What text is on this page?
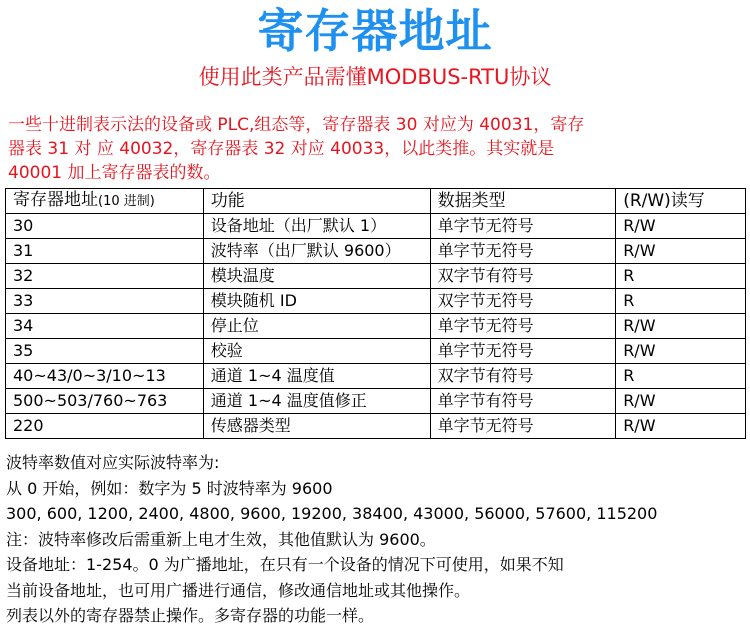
寄存器地址
使用此类产品需懂MODBUS-RTU协议
一些十进制表示法的设备或 PLC,组态等，寄存器表 30 对应为 40031，寄存
器表 31 对 应 40032，寄存器表 32 对应 40033，以此类推。其实就是
40001 加上寄存器表的数。
寄存器地址(10 进制)	功能	数据类型	(R/W)读写
30	设备地址（出厂默认 1）	单字节无符号	R/W
31	波特率（出厂默认 9600）	单字节无符号	R/W
32	模块温度	双字节有符号	R
33	模块随机 ID	双字节无符号	R
34	停止位	单字节无符号	R/W
35	校验	单字节无符号	R/W
40~43/0~3/10~13	通道 1~4 温度值	双字节有符号	R
500~503/760~763	通道 1~4 温度值修正	单字节有符号	R/W
220	传感器类型	单字节无符号	R/W
波特率数值对应实际波特率为:
从 0 开始，例如：数字为 5 时波特率为 9600
300, 600, 1200, 2400, 4800, 9600, 19200, 38400, 43000, 56000, 57600, 115200
注：波特率修改后需重新上电才生效，其他值默认为 9600。
设备地址：1-254。0 为广播地址，在只有一个设备的情况下可使用，如果不知
当前设备地址，也可用广播进行通信，修改通信地址或其他操作。
列表以外的寄存器禁止操作。多寄存器的功能一样。
